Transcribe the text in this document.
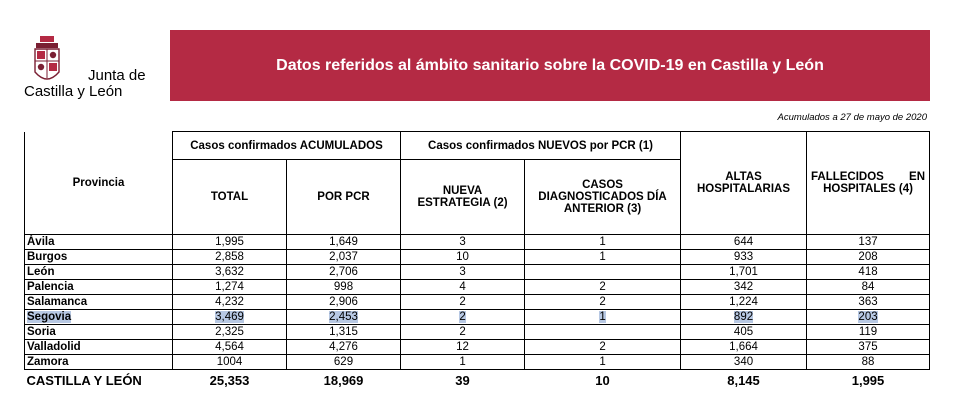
Junta de
Castilla y León
Datos referidos al ámbito sanitario sobre la COVID-19 en Castilla y León
Acumulados a 27 de mayo de 2020
Provincia	Casos confirmados ACUMULADOS		Casos confirmados NUEVOS por PCR (1)		ALTAS HOSPITALARIAS	FALLECIDOS EN
HOSPITALES (4)

	TOTAL	POR PCR	NUEVA ESTRATEGIA (2)	CASOS DIAGNOSTICADOS DÍA ANTERIOR (3)		
Ávila	1,995	1,649	3	1	644	137
Burgos	2,858	2,037	10	1	933	208
León	3,632	2,706	3		1,701	418
Palencia	1,274	998	4	2	342	84
Salamanca	4,232	2,906	2	2	1,224	363
Segovia	3,469	2,453	2	1	892	203
Soria	2,325	1,315	2		405	119
Valladolid	4,564	4,276	12	2	1,664	375
Zamora	1004	629	1	1	340	88
CASTILLA Y LEÓN	25,353	18,969	39	10	8,145	1,995
